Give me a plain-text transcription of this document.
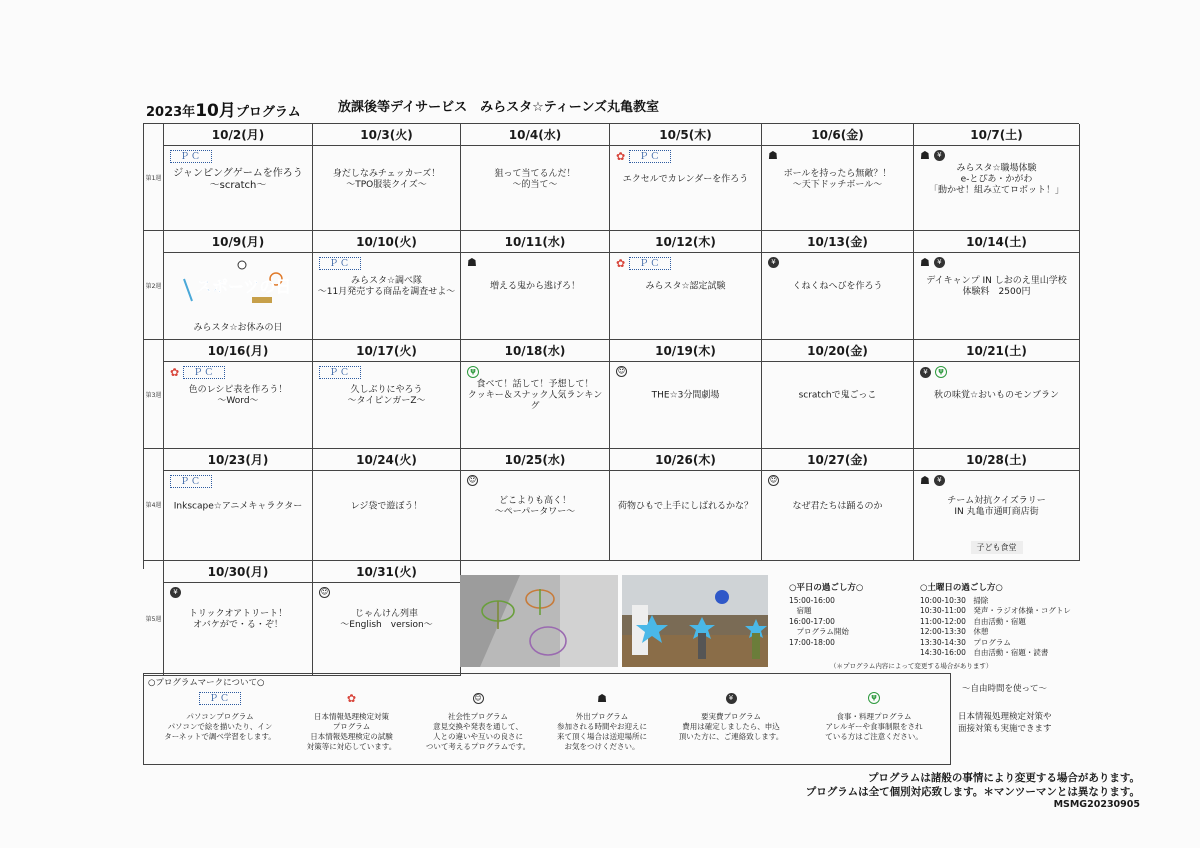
2023年10月プログラム	放課後等デイサービス　みらスタ☆ティーンズ丸亀教室
第1週
10/2(月)
ＰＣ
ジャンピングゲームを作ろう
〜scratch〜
10/3(火)
身だしなみチェッカーズ！
〜TPO服装クイズ〜
10/4(水)
狙って当てるんだ！
〜的当て〜
10/5(木)
✿	ＰＣ
エクセルでカレンダーを作ろう
10/6(金)
☗
ボールを持ったら無敵？！
〜天下ドッチボール〜
10/7(土)
☗	¥
みらスタ☆職場体験
e-とぴあ・かがわ
「動かせ！組み立てロボット！」
第2週
10/9(月)
スポーツの日
みらスタ☆お休みの日
10/10(火)
ＰＣ
みらスタ☆調べ隊
〜11月発売する商品を調査せよ〜
10/11(水)
☗
増える鬼から逃げろ！
10/12(木)
✿	ＰＣ
みらスタ☆認定試験
10/13(金)
¥
くねくねへびを作ろう
10/14(土)
☗	¥
デイキャンプ IN しおのえ里山学校
体験料　2500円
第3週
10/16(月)
✿	ＰＣ
色のレシピ表を作ろう！
〜Word〜
10/17(火)
ＰＣ
久しぶりにやろう
〜タイピンガーZ〜
10/18(水)
ψ
食べて！話して！予想して！
クッキー＆スナック人気ランキング
10/19(木)
☺
THE☆3分間劇場
10/20(金)
scratchで鬼ごっこ
10/21(土)
¥	ψ
秋の味覚☆おいものモンブラン
第4週
10/23(月)
ＰＣ
Inkscape☆アニメキャラクター
10/24(火)
レジ袋で遊ぼう！
10/25(水)
☺
どこよりも高く！
〜ペーパータワー〜
10/26(木)
荷物ひもで上手にしばれるかな？
10/27(金)
☺
なぜ君たちは踊るのか
10/28(土)
☗	¥
チーム対抗クイズラリー
IN 丸亀市通町商店街
子ども食堂
第5週
10/30(月)
¥
トリックオアトリート！
オバケがで・る・ぞ！
10/31(火)
☺
じゃんけん列車
〜English　version〜
○平日の過ごし方○
15:00-16:00
　宿題
16:00-17:00
　プログラム開始
17:00-18:00
○土曜日の過ごし方○
10:00-10:30　掃除
10:30-11:00　発声・ラジオ体操・コグトレ
11:00-12:00　自由活動・宿題
12:00-13:30　休憩
13:30-14:30　プログラム
14:30-16:00　自由活動・宿題・読書
（＊プログラム内容によって変更する場合があります）
○プログラムマークについて○
ＰＣ
パソコンプログラム
パソコンで絵を描いたり、イン
ターネットで調べ学習をします。
✿
日本情報処理検定対策
プログラム
日本情報処理検定の試験
対策等に対応しています。
☺
社会性プログラム
意見交換や発表を通して、
人との違いや互いの良さに
ついて考えるプログラムです。
☗
外出プログラム
参加される時間やお迎えに
来て頂く場合は送迎場所に
お気をつけください。
¥
要実費プログラム
費用は確定しましたら、申込
頂いた方に、ご連絡致します。
ψ
食事・料理プログラム
アレルギーや食事制限をされ
ている方はご注意ください。
〜自由時間を使って〜
日本情報処理検定対策や
面接対策も実施できます
プログラムは諸般の事情により変更する場合があります。
プログラムは全て個別対応致します。＊マンツーマンとは異なります。
MSMG20230905
